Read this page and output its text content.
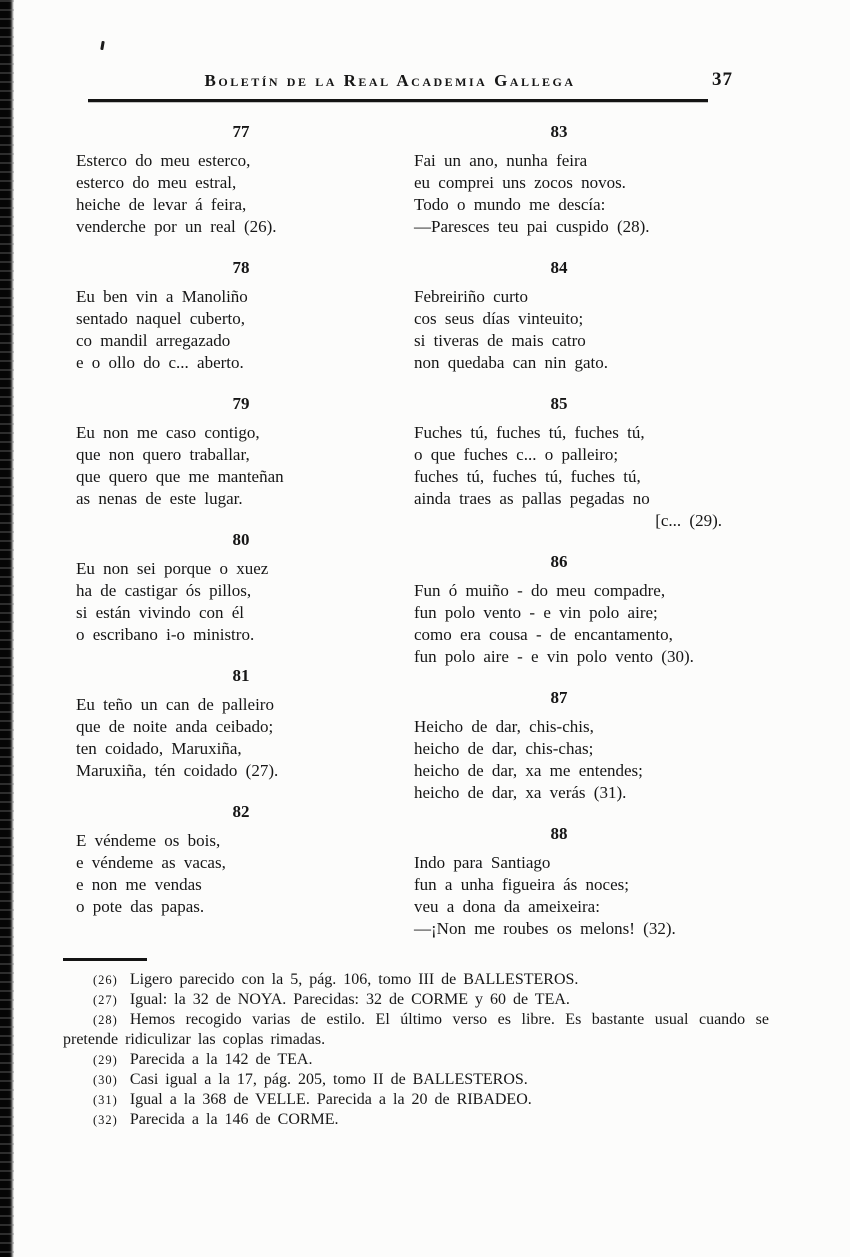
Boletín de la Real Academia Gallega	37
77
Esterco do meu esterco,
esterco do meu estral,
heiche de levar á feira,
venderche por un real (26).
78
Eu ben vin a Manoliño
sentado naquel cuberto,
co mandil arregazado
e o ollo do c... aberto.
79
Eu non me caso contigo,
que non quero traballar,
que quero que me manteñan
as nenas de este lugar.
80
Eu non sei porque o xuez
ha de castigar ós pillos,
si están vivindo con él
o escribano i-o ministro.
81
Eu teño un can de palleiro
que de noite anda ceibado;
ten coidado, Maruxiña,
Maruxiña, tén coidado (27).
82
E véndeme os bois,
e véndeme as vacas,
e non me vendas
o pote das papas.
83
Fai un ano, nunha feira
eu comprei uns zocos novos.
Todo o mundo me descía:
—Paresces teu pai cuspido (28).
84
Febreiriño curto
cos seus días vinteuito;
si tiveras de mais catro
non quedaba can nin gato.
85
Fuches tú, fuches tú, fuches tú,
o que fuches c... o palleiro;
fuches tú, fuches tú, fuches tú,
ainda traes as pallas pegadas no
[c... (29).
86
Fun ó muiño - do meu compadre,
fun polo vento - e vin polo aire;
como era cousa - de encantamento,
fun polo aire - e vin polo vento (30).
87
Heicho de dar, chis-chis,
heicho de dar, chis-chas;
heicho de dar, xa me entendes;
heicho de dar, xa verás (31).
88
Indo para Santiago
fun a unha figueira ás noces;
veu a dona da ameixeira:
—¡Non me roubes os melons! (32).
(26) Ligero parecido con la 5, pág. 106, tomo III de BALLESTEROS.
(27) Igual: la 32 de NOYA. Parecidas: 32 de CORME y 60 de TEA.
(28) Hemos recogido varias de estilo. El último verso es libre. Es bastante usual cuando se pretende ridiculizar las coplas rimadas.
(29) Parecida a la 142 de TEA.
(30) Casi igual a la 17, pág. 205, tomo II de BALLESTEROS.
(31) Igual a la 368 de VELLE. Parecida a la 20 de RIBADEO.
(32) Parecida a la 146 de CORME.
